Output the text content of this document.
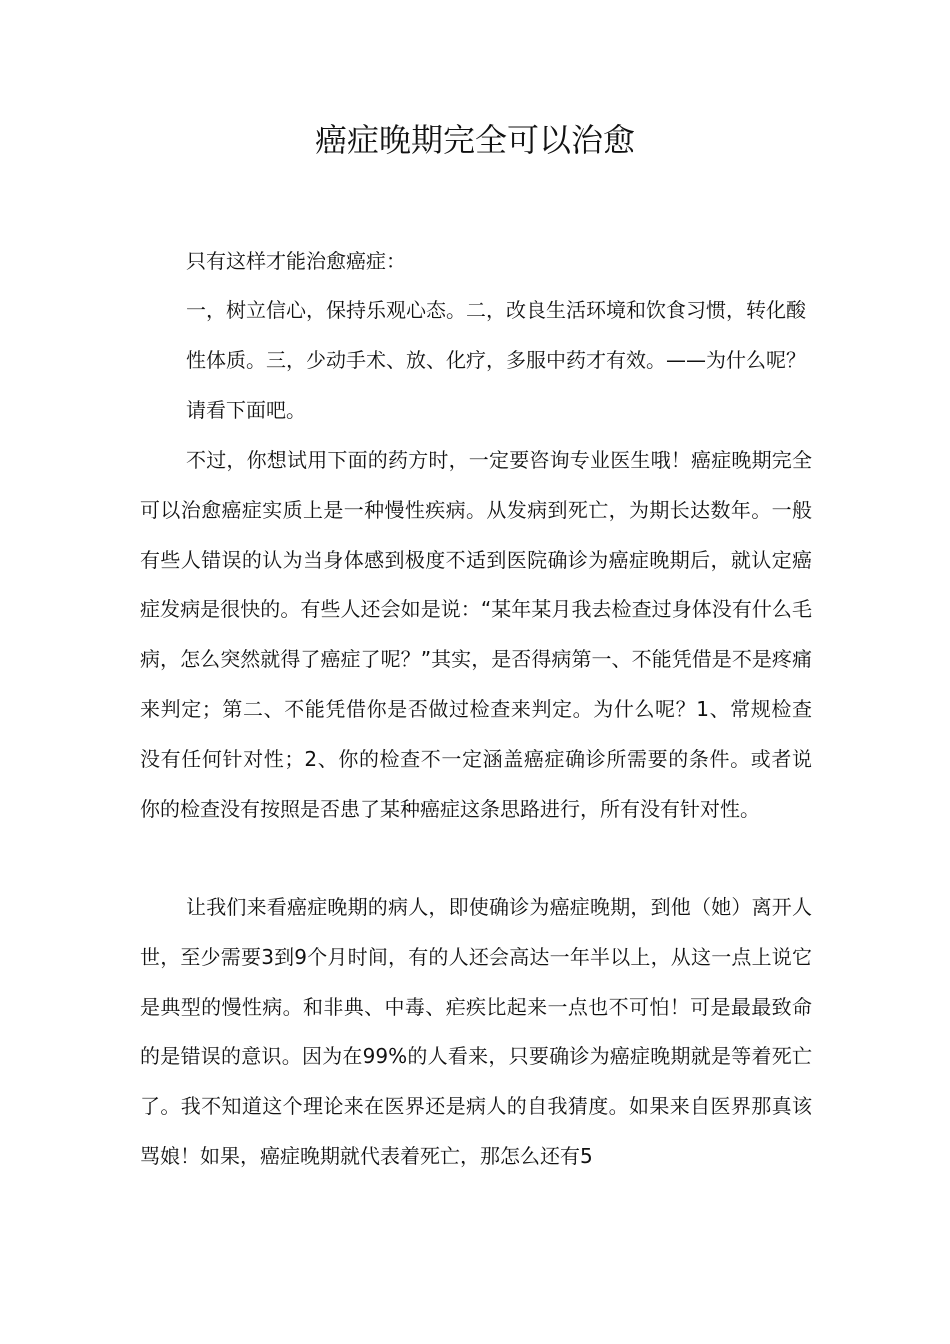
癌症晚期完全可以治愈

只有这样才能治愈癌症：

一，树立信心，保持乐观心态。二，改良生活环境和饮食习惯，转化酸性体质。三，少动手术、放、化疗，多服中药才有效。——为什么呢？请看下面吧。

不过，你想试用下面的药方时，一定要咨询专业医生哦！癌症晚期完全可以治愈癌症实质上是一种慢性疾病。从发病到死亡，为期长达数年。一般有些人错误的认为当身体感到极度不适到医院确诊为癌症晚期后，就认定癌症发病是很快的。有些人还会如是说：“某年某月我去检查过身体没有什么毛病，怎么突然就得了癌症了呢？”其实，是否得病第一、不能凭借是不是疼痛来判定；第二、不能凭借你是否做过检查来判定。为什么呢？1、常规检查没有任何针对性；2、你的检查不一定涵盖癌症确诊所需要的条件。或者说你的检查没有按照是否患了某种癌症这条思路进行，所有没有针对性。

让我们来看癌症晚期的病人，即使确诊为癌症晚期，到他（她）离开人世，至少需要3到9个月时间，有的人还会高达一年半以上，从这一点上说它是典型的慢性病。和非典、中毒、疟疾比起来一点也不可怕！可是最最致命的是错误的意识。因为在99%的人看来，只要确诊为癌症晚期就是等着死亡了。我不知道这个理论来在医界还是病人的自我猜度。如果来自医界那真该骂娘！如果，癌症晚期就代表着死亡，那怎么还有5
